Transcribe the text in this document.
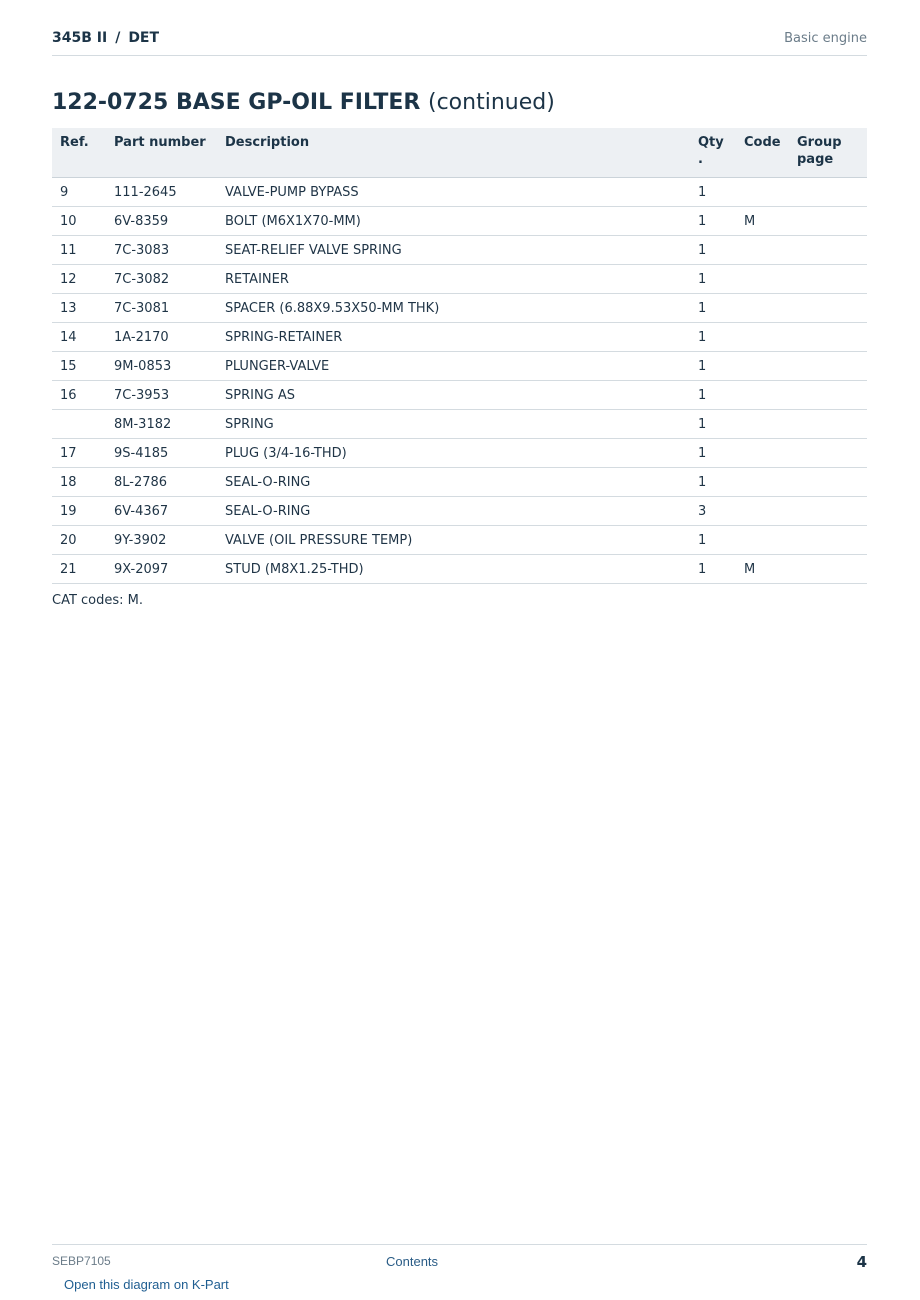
345B II / DET	Basic engine
122-0725 BASE GP-OIL FILTER (continued)
Ref.	Part number	Description	Qty .	Code	Group page
9	111-2645	VALVE-PUMP BYPASS	1		
10	6V-8359	BOLT (M6X1X70-MM)	1	M	
11	7C-3083	SEAT-RELIEF VALVE SPRING	1		
12	7C-3082	RETAINER	1		
13	7C-3081	SPACER (6.88X9.53X50-MM THK)	1		
14	1A-2170	SPRING-RETAINER	1		
15	9M-0853	PLUNGER-VALVE	1		
16	7C-3953	SPRING AS	1		
	8M-3182	SPRING	1		
17	9S-4185	PLUG (3/4-16-THD)	1		
18	8L-2786	SEAL-O-RING	1		
19	6V-4367	SEAL-O-RING	3		
20	9Y-3902	VALVE (OIL PRESSURE TEMP)	1		
21	9X-2097	STUD (M8X1.25-THD)	1	M	
CAT codes: M.
SEBP7105	Contents	4
Open this diagram on K-Part
